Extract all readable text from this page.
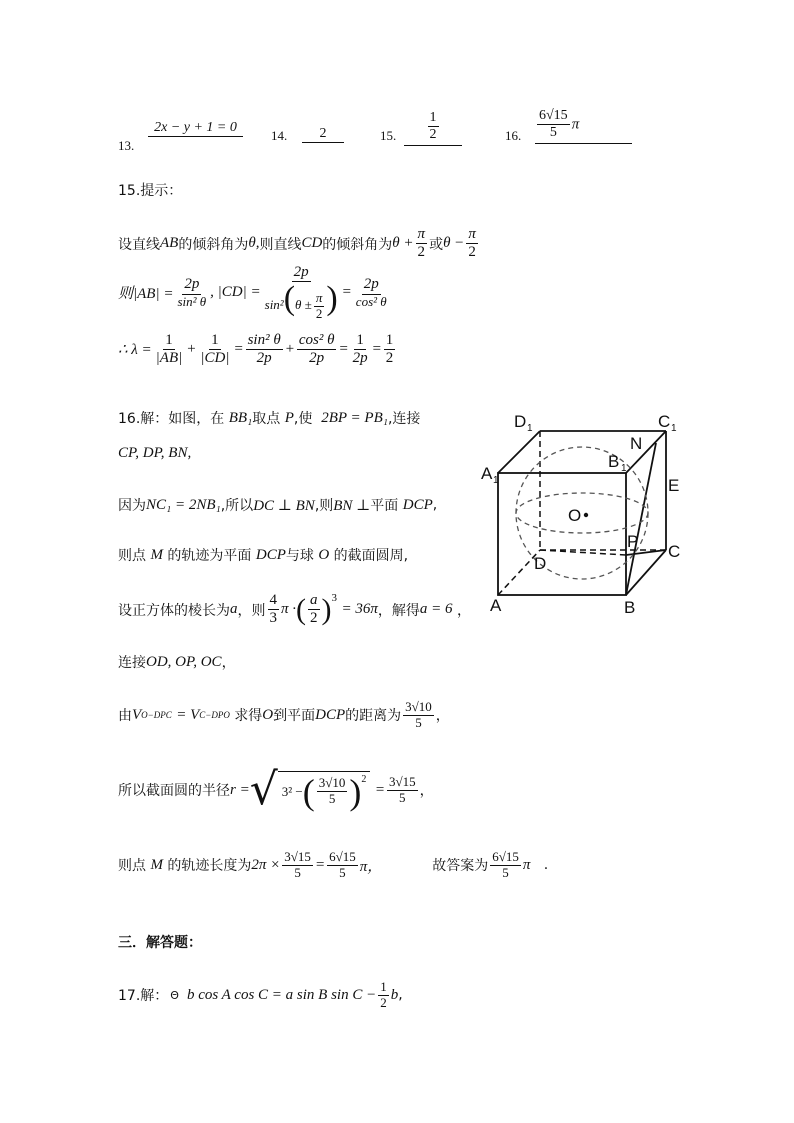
13.
2x − y + 1 = 0
14.	2	15. $\frac{1}{2}$	16. $\frac{6√15}{5}$ π
15.提示：
设直线 AB 的倾斜角为 θ, 则直线 CD 的倾斜角为 $\theta + \frac{\pi}{2}$ 或 $\theta - \frac{\pi}{2}$
则$|AB| = \frac{2p}{\text{sin² θ}}$ , $|CD| = \frac{2p}{\sin^2(\theta \pm \frac{\pi}{2} )} = \frac{2p}{\text{cos² θ}}$
∴ $\lambda = \frac{1}{|AB|} + \frac{1}{|CD|} = \frac{\text{sin² θ}}{2p} + \frac{\text{cos² θ}}{2p} = \frac{1}{2p} = \frac{1}{2}$
16.解：如图，在
BB₁ 取点
P ,使
2BP = PB₁ ,连接
CP, DP, BN,
因为 NC₁ = 2NB₁ ,所以 DC ⊥ BN ,则 BN ⊥ 平面
DCP ,
则点
M
的轨迹为平面
DCP 与球
O
的截面圆周,
设正方体的棱长为 a ，则 $\frac{4}{3}$ π · ( $\frac{a}{2} )^3$

= 36π ，解得 a = 6
，
连接 OD, OP, OC ，
由 V O−DPC
= V C−DPO
求得 O 到平面 DCP 的距离为 $\frac{3√10}{5}$ ，
所以截面圆的半径 r = √ 3² − ( $\frac{3√10}{5} )^2$

= $\frac{3√15}{5}$ ，
则点
M
的轨迹长度为 $2\pi \times \frac{3√15}{5} = \frac{6√15}{5}$ π，	故答案为 $\frac{6√15}{5}$ π
.
三．解答题：
17.解： Θ b cos A cos C = a sin B $\sin C - \frac{1}{2}$ b ,
D 1	C 1
A 1
B 1
N
E
O
P
D
C
A	B
